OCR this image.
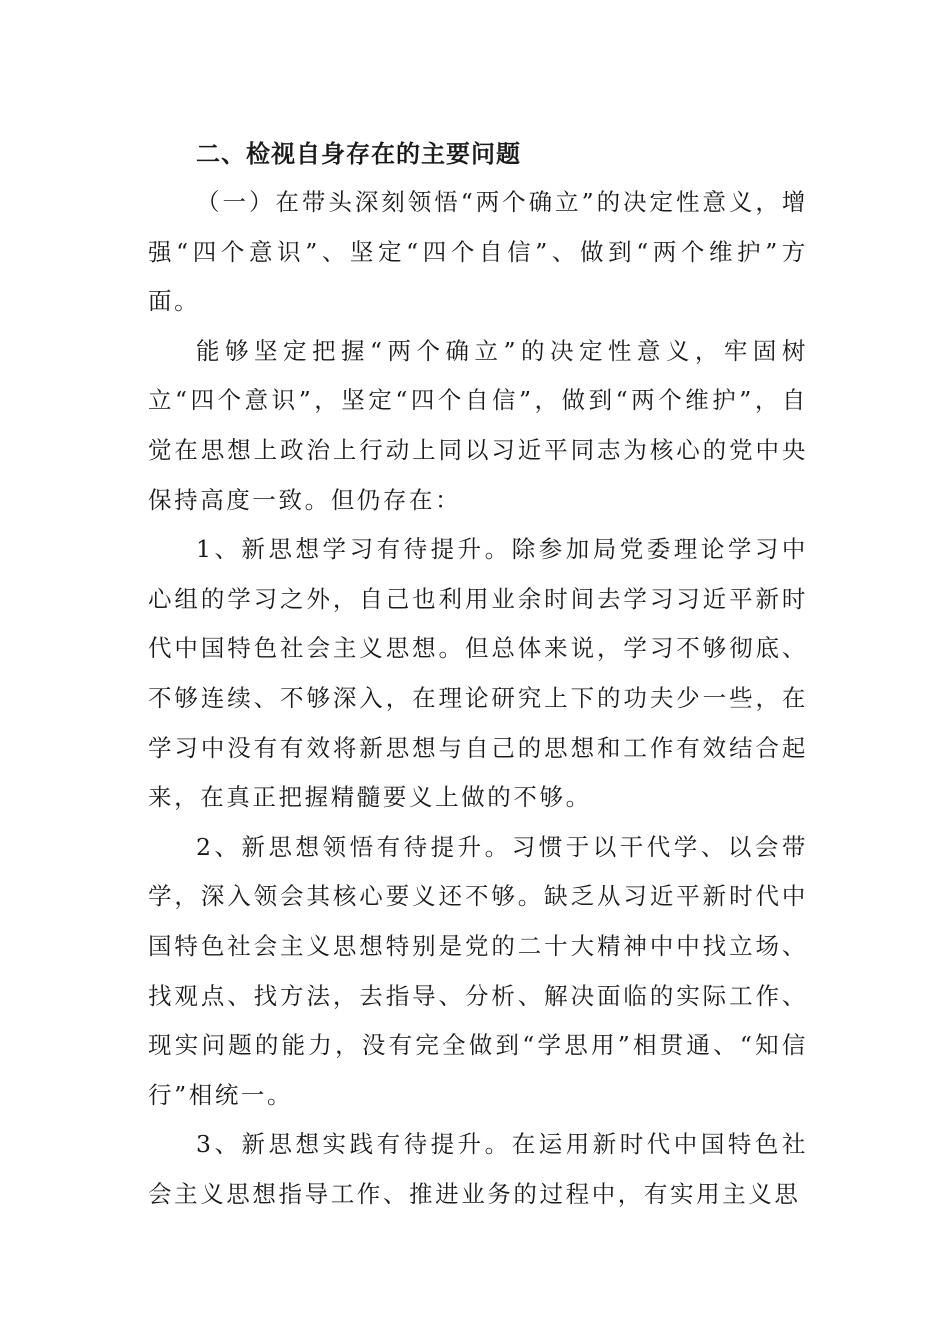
二、检视自身存在的主要问题

（一）在带头深刻领悟“两个确立”的决定性意义，增强“四个意识”、坚定“四个自信”、做到“两个维护”方面。

能够坚定把握“两个确立”的决定性意义，牢固树立“四个意识”，坚定“四个自信”，做到“两个维护”，自觉在思想上政治上行动上同以习近平同志为核心的党中央保持高度一致。但仍存在：

1、新思想学习有待提升。除参加局党委理论学习中心组的学习之外，自己也利用业余时间去学习习近平新时代中国特色社会主义思想。但总体来说，学习不够彻底、不够连续、不够深入，在理论研究上下的功夫少一些，在学习中没有有效将新思想与自己的思想和工作有效结合起来，在真正把握精髓要义上做的不够。

2、新思想领悟有待提升。习惯于以干代学、以会带学，深入领会其核心要义还不够。缺乏从习近平新时代中国特色社会主义思想特别是党的二十大精神中中找立场、找观点、找方法，去指导、分析、解决面临的实际工作、现实问题的能力，没有完全做到“学思用”相贯通、“知信行”相统一。

3、新思想实践有待提升。在运用新时代中国特色社会主义思想指导工作、推进业务的过程中，有实用主义思
